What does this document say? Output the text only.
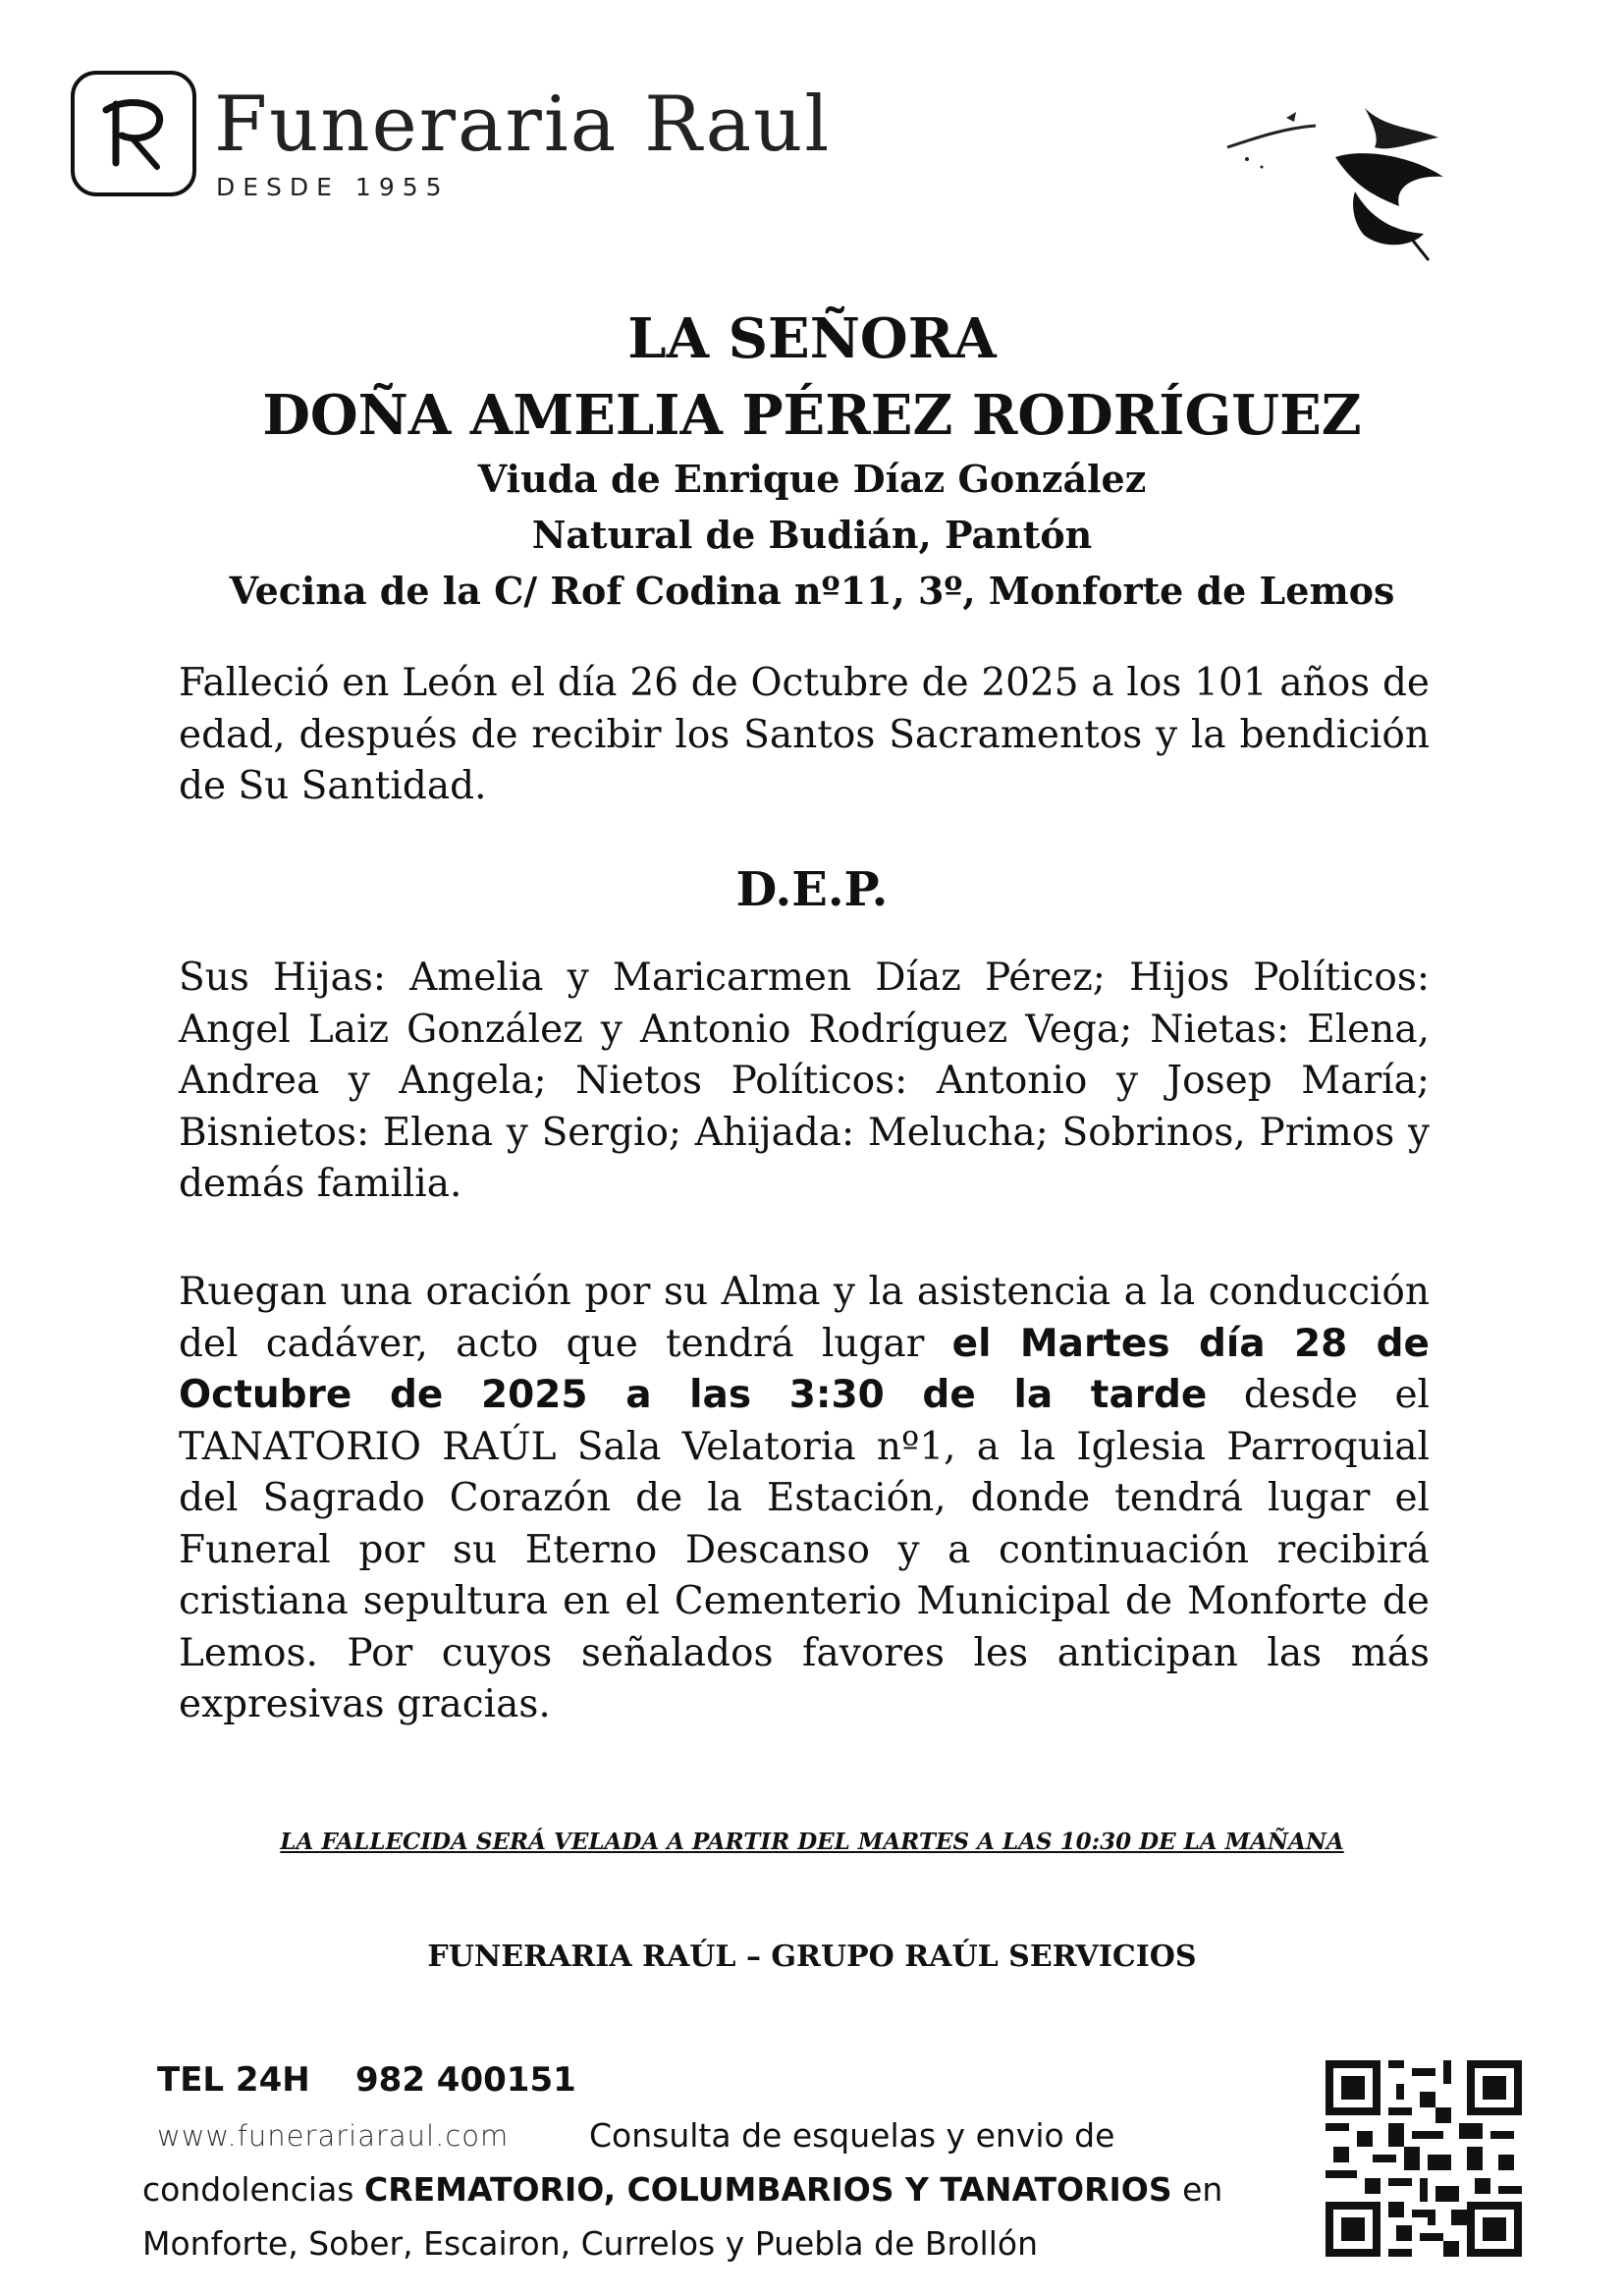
Funeraria Raul
DESDE 1955
LA SEÑORA
DOÑA AMELIA PÉREZ RODRÍGUEZ
Viuda de Enrique Díaz González
Natural de Budián, Pantón
Vecina de la C/ Rof Codina nº11, 3º, Monforte de Lemos
Falleció en León el día 26 de Octubre de 2025 a los 101 años de edad, después de recibir los Santos Sacramentos y la bendición de Su Santidad.
D.E.P.
Sus Hijas: Amelia y Maricarmen Díaz Pérez; Hijos Políticos: Angel Laiz González y Antonio Rodríguez Vega; Nietas: Elena, Andrea y Angela; Nietos Políticos: Antonio y Josep María; Bisnietos: Elena y Sergio; Ahijada: Melucha; Sobrinos, Primos y demás familia.
Ruegan una oración por su Alma y la asistencia a la conducción del cadáver, acto que tendrá lugar el Martes día 28 de Octubre de 2025 a las 3:30 de la tarde desde el TANATORIO RAÚL Sala Velatoria nº1, a la Iglesia Parroquial del Sagrado Corazón de la Estación, donde tendrá lugar el Funeral por su Eterno Descanso y a continuación recibirá cristiana sepultura en el Cementerio Municipal de Monforte de Lemos. Por cuyos señalados favores les anticipan las más expresivas gracias.
LA FALLECIDA SERÁ VELADA A PARTIR DEL MARTES A LAS 10:30 DE LA MAÑANA
FUNERARIA RAÚL – GRUPO RAÚL SERVICIOS
TEL 24H 982 400151
www.funerariaraul.com Consulta de esquelas y envio de
condolencias CREMATORIO, COLUMBARIOS Y TANATORIOS en
Monforte, Sober, Escairon, Currelos y Puebla de Brollón
